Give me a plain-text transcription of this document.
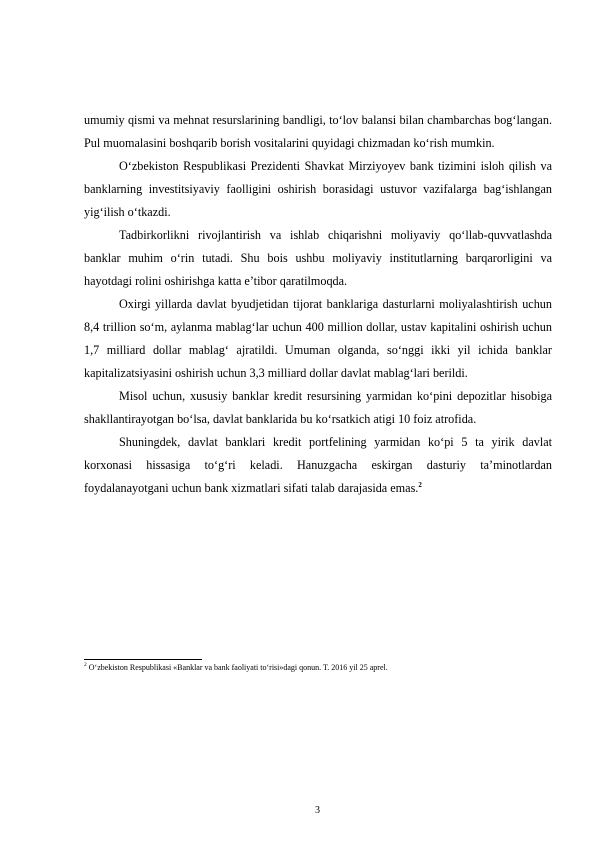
umumiy qismi va mehnat resurslarining bandligi, to‘lov balansi bilan chambarchas bog‘langan. Pul muomalasini boshqarib borish vositalarini quyidagi chizmadan ko‘rish mumkin.

O‘zbekiston Respublikasi Prezidenti Shavkat Mirziyoyev bank tizimini isloh qilish va banklarning investitsiyaviy faolligini oshirish borasidagi ustuvor vazifalarga bag‘ishlangan yig‘ilish o‘tkazdi.

Tadbirkorlikni rivojlantirish va ishlab chiqarishni moliyaviy qo‘llab-quvvatlashda banklar muhim o‘rin tutadi. Shu bois ushbu moliyaviy institutlarning barqarorligini va hayotdagi rolini oshirishga katta e’tibor qaratilmoqda.

Oxirgi yillarda davlat byudjetidan tijorat banklariga dasturlarni moliyalashtirish uchun 8,4 trillion so‘m, aylanma mablag‘lar uchun 400 million dollar, ustav kapitalini oshirish uchun 1,7 milliard dollar mablag‘ ajratildi. Umuman olganda, so‘nggi ikki yil ichida banklar kapitalizatsiyasini oshirish uchun 3,3 milliard dollar davlat mablag‘lari berildi.

Misol uchun, xususiy banklar kredit resursining yarmidan ko‘pini depozitlar hisobiga shakllantirayotgan bo‘lsa, davlat banklarida bu ko‘rsatkich atigi 10 foiz atrofida.

Shuningdek, davlat banklari kredit portfelining yarmidan ko‘pi 5 ta yirik davlat korxonasi hissasiga to‘g‘ri keladi. Hanuzgacha eskirgan dasturiy ta’minotlardan foydalanayotgani uchun bank xizmatlari sifati talab darajasida emas.$^2$

$^2$ O‘zbekiston Respublikasi «Banklar va bank faoliyati to‘risi»dagi qonun. T. 2016 yil 25 aprel.
3
